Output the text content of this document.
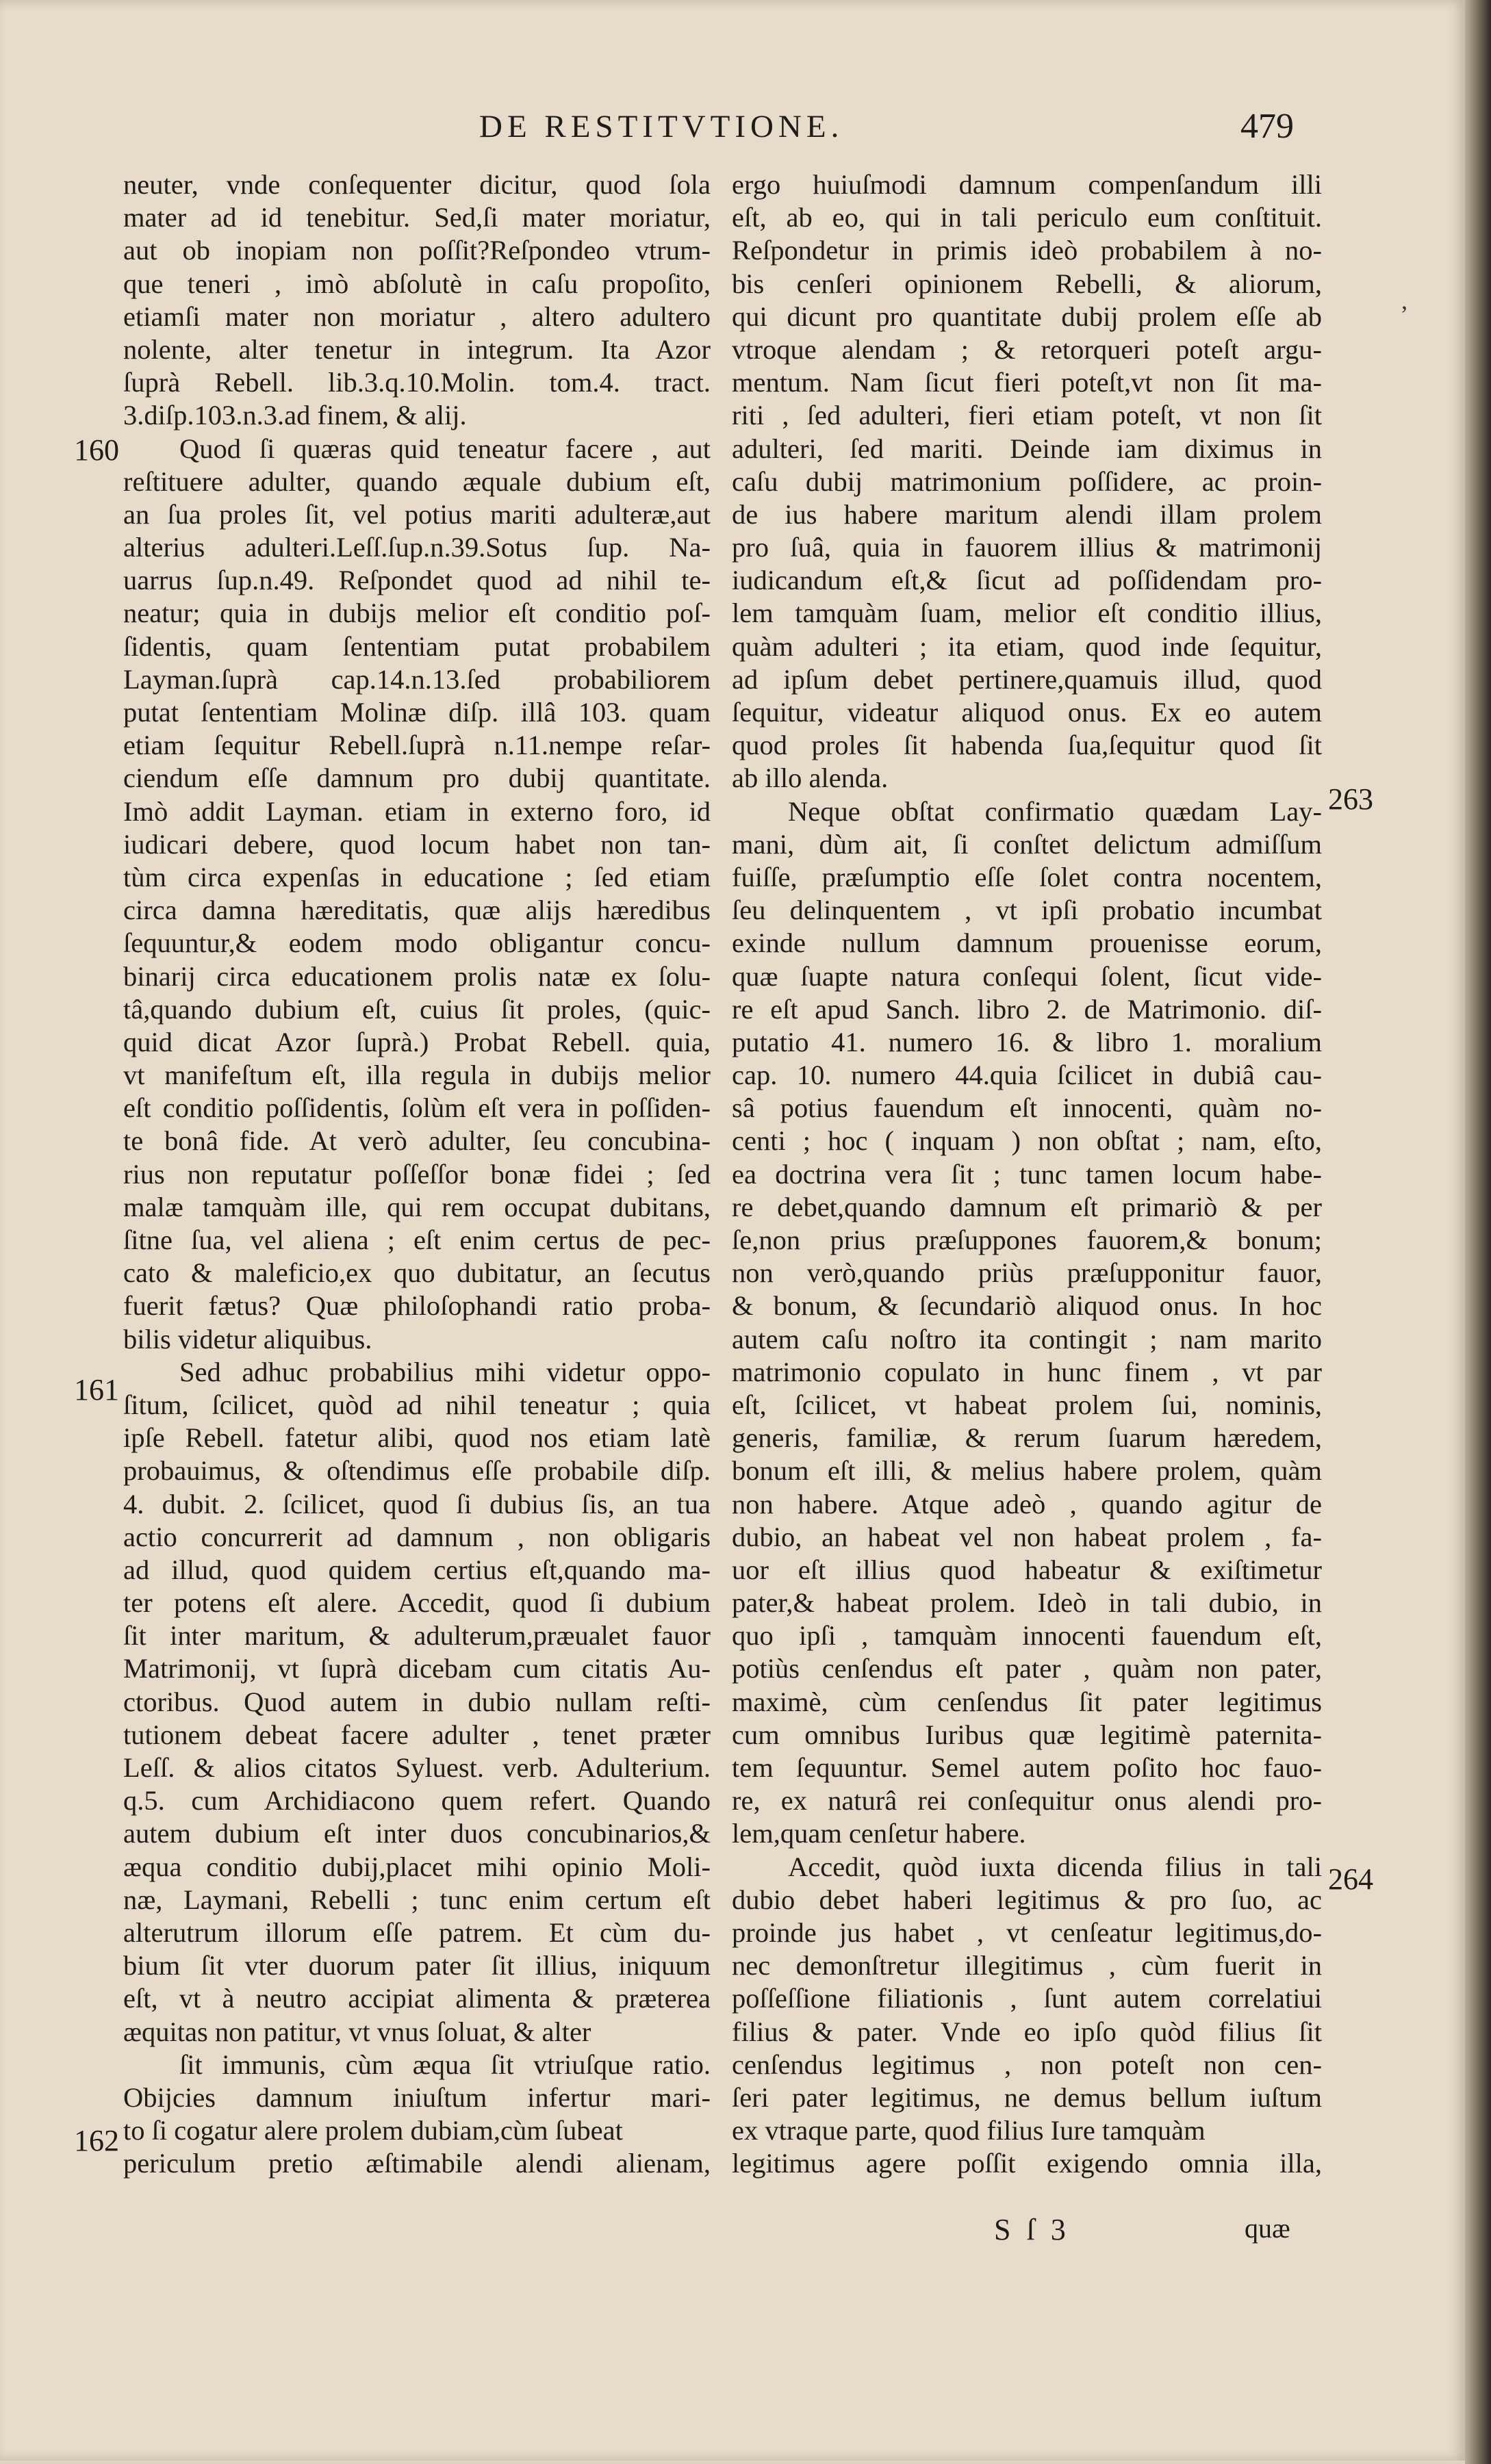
DE RESTITVTIONE.	479
neuter, vnde conſequenter dicitur, quod ſola
mater ad id tenebitur. Sed,ſi mater moriatur,
aut ob inopiam non poſſit?Reſpondeo vtrum-
que teneri , imò abſolutè in caſu propoſito,
etiamſi mater non moriatur , altero adultero
nolente, alter tenetur in integrum. Ita Azor
ſuprà Rebell. lib.3.q.10.Molin. tom.4. tract.
3.diſp.103.n.3.ad finem, & alij.
Quod ſi quæras quid teneatur facere , aut
reſtituere adulter, quando æquale dubium eſt,
an ſua proles ſit, vel potius mariti adulteræ,aut
alterius adulteri.Leſſ.ſup.n.39.Sotus ſup. Na-
uarrus ſup.n.49. Reſpondet quod ad nihil te-
neatur; quia in dubijs melior eſt conditio poſ-
ſidentis, quam ſententiam putat probabilem
Layman.ſuprà cap.14.n.13.ſed probabiliorem
putat ſententiam Molinæ diſp. illâ 103. quam
etiam ſequitur Rebell.ſuprà n.11.nempe reſar-
ciendum eſſe damnum pro dubij quantitate.
Imò addit Layman. etiam in externo foro, id
iudicari debere, quod locum habet non tan-
tùm circa expenſas in educatione ; ſed etiam
circa damna hæreditatis, quæ alijs hæredibus
ſequuntur,& eodem modo obligantur concu-
binarij circa educationem prolis natæ ex ſolu-
tâ,quando dubium eſt, cuius ſit proles, (quic-
quid dicat Azor ſuprà.) Probat Rebell. quia,
vt manifeſtum eſt, illa regula in dubijs melior
eſt conditio poſſidentis, ſolùm eſt vera in poſſiden-
te bonâ fide. At verò adulter, ſeu concubina-
rius non reputatur poſſeſſor bonæ fidei ; ſed
malæ tamquàm ille, qui rem occupat dubitans,
ſitne ſua, vel aliena ; eſt enim certus de pec-
cato & maleficio,ex quo dubitatur, an ſecutus
fuerit fætus? Quæ philoſophandi ratio proba-
bilis videtur aliquibus.
Sed adhuc probabilius mihi videtur oppo-
ſitum, ſcilicet, quòd ad nihil teneatur ; quia
ipſe Rebell. fatetur alibi, quod nos etiam latè
probauimus, & oſtendimus eſſe probabile diſp.
4. dubit. 2. ſcilicet, quod ſi dubius ſis, an tua
actio concurrerit ad damnum , non obligaris
ad illud, quod quidem certius eſt,quando ma-
ter potens eſt alere. Accedit, quod ſi dubium
ſit inter maritum, & adulterum,præualet fauor
Matrimonij, vt ſuprà dicebam cum citatis Au-
ctoribus. Quod autem in dubio nullam reſti-
tutionem debeat facere adulter , tenet præter
Leſſ. & alios citatos Syluest. verb. Adulterium.
q.5. cum Archidiacono quem refert. Quando
autem dubium eſt inter duos concubinarios,&
æqua conditio dubij,placet mihi opinio Moli-
næ, Laymani, Rebelli ; tunc enim certum eſt
alterutrum illorum eſſe patrem. Et cùm du-
bium ſit vter duorum pater ſit illius, iniquum
eſt, vt à neutro accipiat alimenta & præterea
æquitas non patitur, vt vnus ſoluat, & alter
ſit immunis, cùm æqua ſit vtriuſque ratio.
Obijcies damnum iniuſtum infertur mari-
to ſi cogatur alere prolem dubiam,cùm ſubeat
periculum pretio æſtimabile alendi alienam,
ergo huiuſmodi damnum compenſandum illi
eſt, ab eo, qui in tali periculo eum conſtituit.
Reſpondetur in primis ideò probabilem à no-
bis cenſeri opinionem Rebelli, & aliorum,
qui dicunt pro quantitate dubij prolem eſſe ab
vtroque alendam ; & retorqueri poteſt argu-
mentum. Nam ſicut fieri poteſt,vt non ſit ma-
riti , ſed adulteri, fieri etiam poteſt, vt non ſit
adulteri, ſed mariti. Deinde iam diximus in
caſu dubij matrimonium poſſidere, ac proin-
de ius habere maritum alendi illam prolem
pro ſuâ, quia in fauorem illius & matrimonij
iudicandum eſt,& ſicut ad poſſidendam pro-
lem tamquàm ſuam, melior eſt conditio illius,
quàm adulteri ; ita etiam, quod inde ſequitur,
ad ipſum debet pertinere,quamuis illud, quod
ſequitur, videatur aliquod onus. Ex eo autem
quod proles ſit habenda ſua,ſequitur quod ſit
ab illo alenda.
Neque obſtat confirmatio quædam Lay-
mani, dùm ait, ſi conſtet delictum admiſſum
fuiſſe, præſumptio eſſe ſolet contra nocentem,
ſeu delinquentem , vt ipſi probatio incumbat
exinde nullum damnum prouenisse eorum,
quæ ſuapte natura conſequi ſolent, ſicut vide-
re eſt apud Sanch. libro 2. de Matrimonio. diſ-
putatio 41. numero 16. & libro 1. moralium
cap. 10. numero 44.quia ſcilicet in dubiâ cau-
sâ potius fauendum eſt innocenti, quàm no-
centi ; hoc ( inquam ) non obſtat ; nam, eſto,
ea doctrina vera ſit ; tunc tamen locum habe-
re debet,quando damnum eſt primariò & per
ſe,non prius præſuppones fauorem,& bonum;
non verò,quando priùs præſupponitur fauor,
& bonum, & ſecundariò aliquod onus. In hoc
autem caſu noſtro ita contingit ; nam marito
matrimonio copulato in hunc finem , vt par
eſt, ſcilicet, vt habeat prolem ſui, nominis,
generis, familiæ, & rerum ſuarum hæredem,
bonum eſt illi, & melius habere prolem, quàm
non habere. Atque adeò , quando agitur de
dubio, an habeat vel non habeat prolem , fa-
uor eſt illius quod habeatur & exiſtimetur
pater,& habeat prolem. Ideò in tali dubio, in
quo ipſi , tamquàm innocenti fauendum eſt,
potiùs cenſendus eſt pater , quàm non pater,
maximè, cùm cenſendus ſit pater legitimus
cum omnibus Iuribus quæ legitimè paternita-
tem ſequuntur. Semel autem poſito hoc fauo-
re, ex naturâ rei conſequitur onus alendi pro-
lem,quam cenſetur habere.
Accedit, quòd iuxta dicenda filius in tali
dubio debet haberi legitimus & pro ſuo, ac
proinde jus habet , vt cenſeatur legitimus,do-
nec demonſtretur illegitimus , cùm fuerit in
poſſeſſione filiationis , ſunt autem correlatiui
filius & pater. Vnde eo ipſo quòd filius ſit
cenſendus legitimus , non poteſt non cen-
ſeri pater legitimus, ne demus bellum iuſtum
ex vtraque parte, quod filius Iure tamquàm
legitimus agere poſſit exigendo omnia illa,
160
161
162
263
264
,
S ſ 3	quæ
